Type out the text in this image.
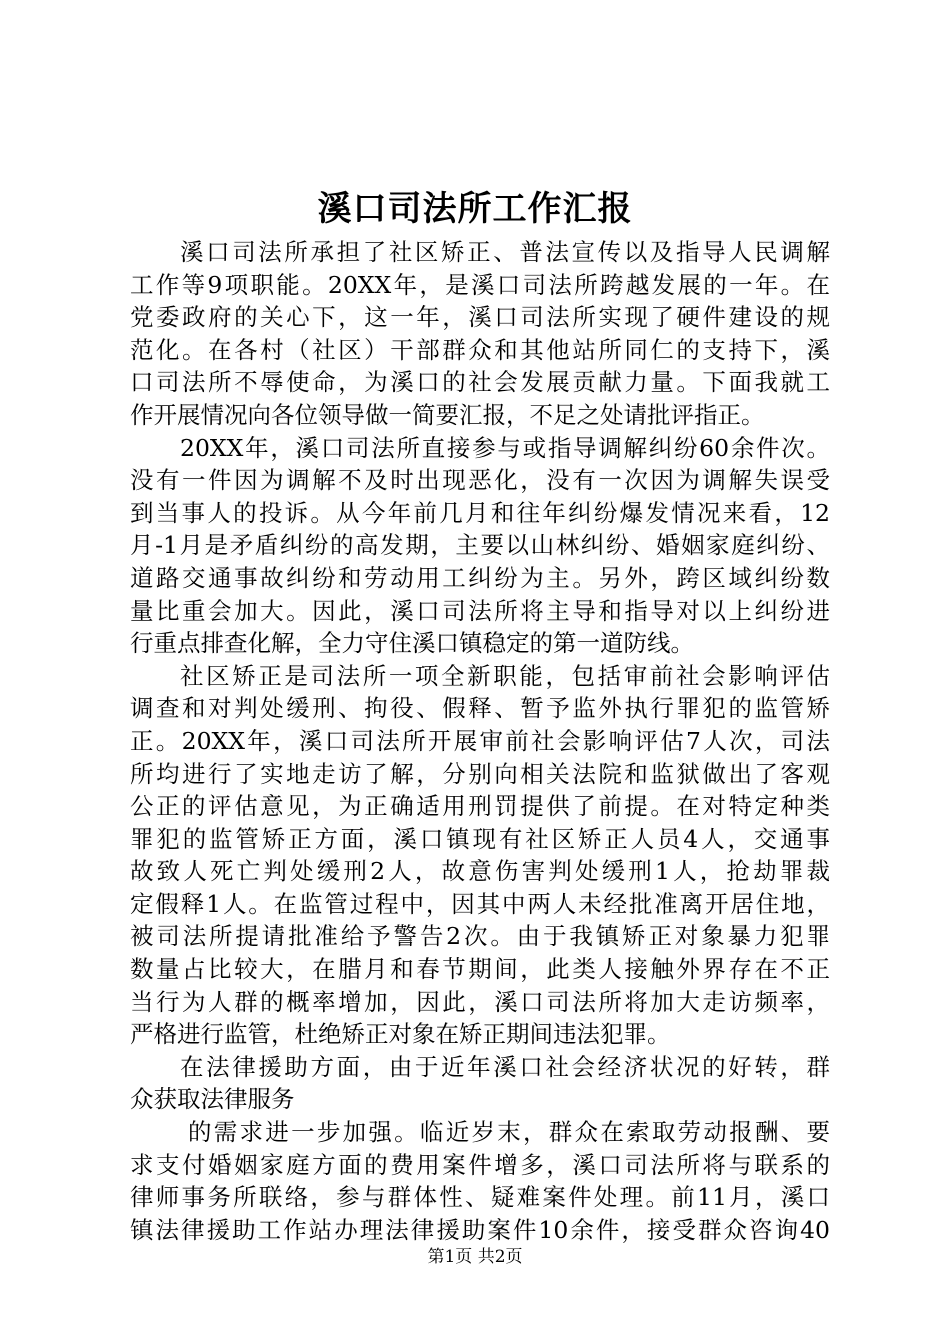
溪口司法所工作汇报
溪口司法所承担了社区矫正、普法宣传以及指导人民调解
工作等9项职能。20XX年，是溪口司法所跨越发展的一年。在
党委政府的关心下，这一年，溪口司法所实现了硬件建设的规
范化。在各村（社区）干部群众和其他站所同仁的支持下，溪
口司法所不辱使命，为溪口的社会发展贡献力量。下面我就工
作开展情况向各位领导做一简要汇报，不足之处请批评指正。
20XX年，溪口司法所直接参与或指导调解纠纷60余件次。
没有一件因为调解不及时出现恶化，没有一次因为调解失误受
到当事人的投诉。从今年前几月和往年纠纷爆发情况来看，12
月-1月是矛盾纠纷的高发期，主要以山林纠纷、婚姻家庭纠纷、
道路交通事故纠纷和劳动用工纠纷为主。另外，跨区域纠纷数
量比重会加大。因此，溪口司法所将主导和指导对以上纠纷进
行重点排查化解，全力守住溪口镇稳定的第一道防线。
社区矫正是司法所一项全新职能，包括审前社会影响评估
调查和对判处缓刑、拘役、假释、暂予监外执行罪犯的监管矫
正。20XX年，溪口司法所开展审前社会影响评估7人次，司法
所均进行了实地走访了解，分别向相关法院和监狱做出了客观
公正的评估意见，为正确适用刑罚提供了前提。在对特定种类
罪犯的监管矫正方面，溪口镇现有社区矫正人员4人，交通事
故致人死亡判处缓刑2人，故意伤害判处缓刑1人，抢劫罪裁
定假释1人。在监管过程中，因其中两人未经批准离开居住地，
被司法所提请批准给予警告2次。由于我镇矫正对象暴力犯罪
数量占比较大，在腊月和春节期间，此类人接触外界存在不正
当行为人群的概率增加，因此，溪口司法所将加大走访频率，
严格进行监管，杜绝矫正对象在矫正期间违法犯罪。
在法律援助方面，由于近年溪口社会经济状况的好转，群
众获取法律服务
的需求进一步加强。临近岁末，群众在索取劳动报酬、要
求支付婚姻家庭方面的费用案件增多，溪口司法所将与联系的
律师事务所联络，参与群体性、疑难案件处理。前11月，溪口
镇法律援助工作站办理法律援助案件10余件，接受群众咨询40
第1页 共2页
